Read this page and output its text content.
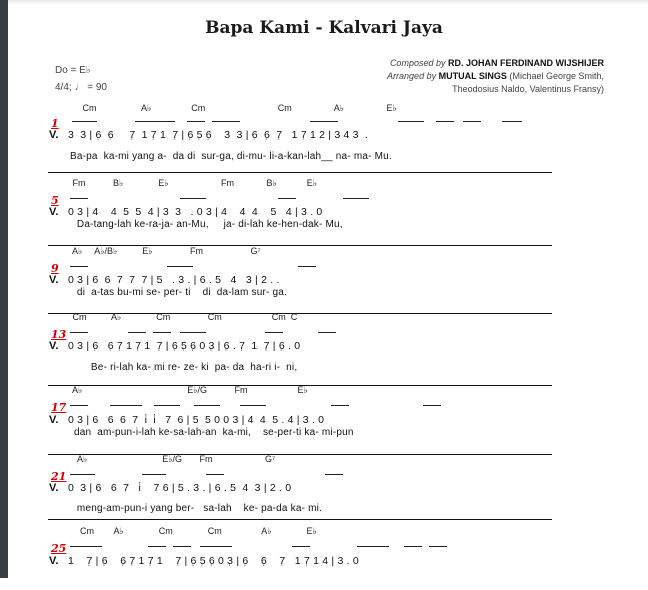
Bapa Kami - Kalvari Jaya
Do = E♭
4/4; ♩ = 90
Composed by RD. JOHAN FERDINAND WIJSHIJER
Arranged by MUTUAL SINGS (Michael George Smith,
Theodosius Naldo, Valentinus Fransy)
Cm                  A♭                Cm                             Cm                 A♭                 E♭
1
V. 3  3 | 6̣  6̣     7̣  1 7̣ 1  7̣ | 6̣ 5̣ 6̣    3  3 | 6̣  6̣  7̣   1 7̣ 1 2 | 3 4 3  .
Ba-pa  ka-mi yang a-  da di  sur-ga, di-mu- li-a-kan-lah__ na- ma- Mu.
Fm           B♭              E♭                     Fm             B♭            E♭
5
V. 0 3 | 4    4  5  5  4 | 3  3   . 0 3 | 4    4  4    5   4 | 3 . 0
Da-tang-lah ke-ra-ja- an-Mu,     ja- di-lah ke-hen-dak- Mu,
A♭     A♭/B♭          E♭               Fm                   G⁷
9
V. 0 3 | 6  6  7  7  7 | 5   . 3 . | 6 . 5   4   3 | 2 . .
di  a-tas bu-mi se- per- ti    di  da-lam sur- ga.
Cm          A♭              Cm               Cm                    Cm  C
13
V. 0 3 | 6̣   6̣ 7̣ 1 7̣ 1  7̣ | 6̣ 5̣ 6̣ 0 3̣ | 6̣ . 7̣  1  7̣ | 6̣ . 0
Be- ri-lah ka- mi re- ze- ki  pa- da  ha-ri i-  ni,
A♭                                          E♭/G           Fm                    E♭
17
V. 0 3 | 6   6  6  7  i̇  i̇   7  6 | 5  5 0 0 3 | 4  4  5 . 4 | 3 . 0
dan  am-pun-i-lah ke-sa-lah-an  ka-mi,    se-per-ti ka- mi-pun
A♭                              E♭/G       Fm                     G⁷
21
V. 0  3 | 6   6  7   i̇    7 6 | 5 . 3 . | 6 . 5  4  3 | 2 . 0
meng-am-pun-i yang ber-   sa-lah    ke- pa-da ka- mi.
Cm        A♭              Cm              Cm                A♭              E♭
25
V. 1    7̣ | 6̣    6̣ 7̣ 1 7̣ 1    7̣ | 6̣ 5̣ 6̣ 0 3̣ | 6̣    6̣    7̣   1 7̣ 1 4 | 3 . 0
